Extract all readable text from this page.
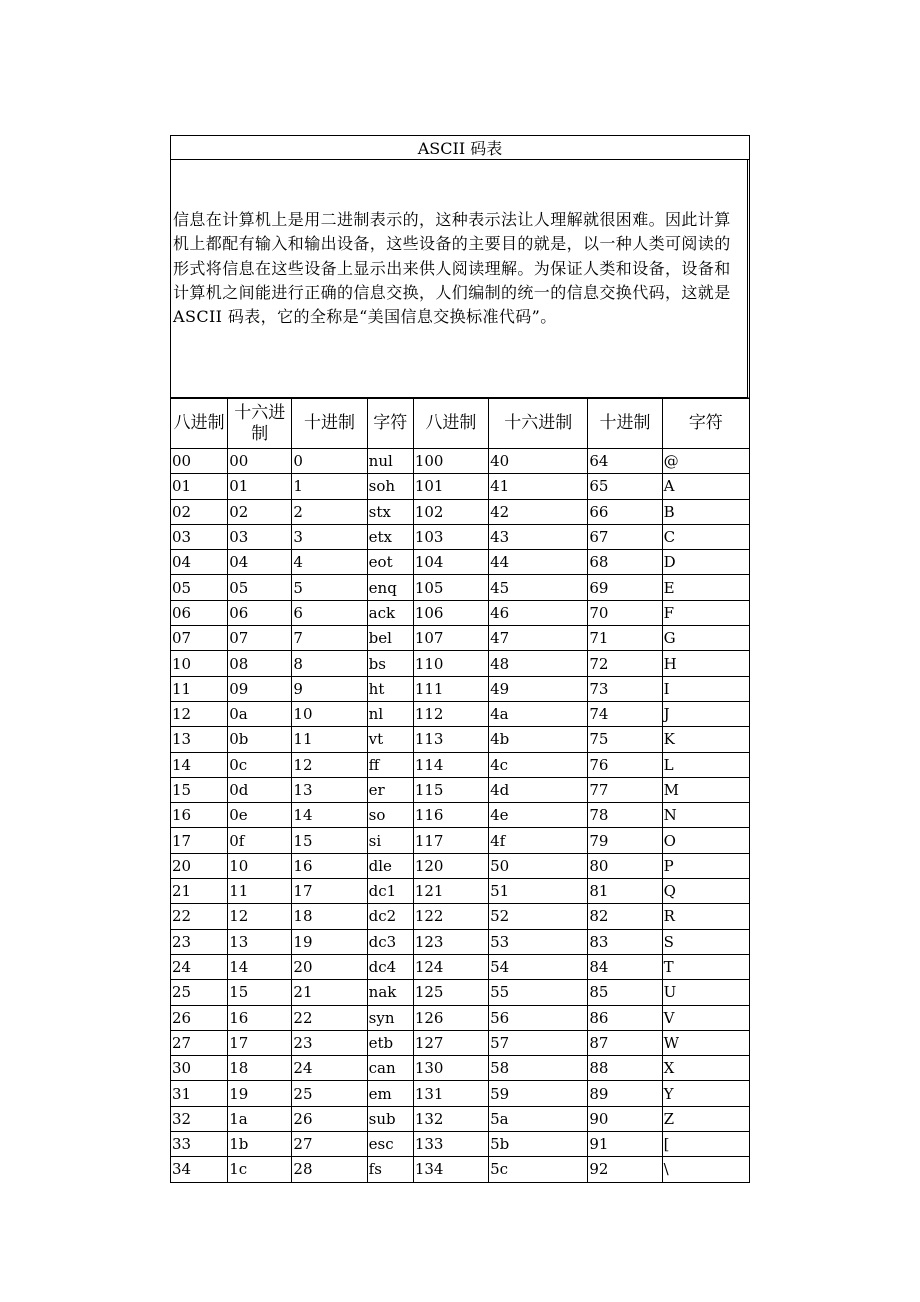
ASCII 码表
信息在计算机上是用二进制表示的，这种表示法让人理解就很困难。因此计算机上都配有输入和输出设备，这些设备的主要目的就是，以一种人类可阅读的形式将信息在这些设备上显示出来供人阅读理解。为保证人类和设备，设备和计算机之间能进行正确的信息交换，人们编制的统一的信息交换代码，这就是 ASCII 码表，它的全称是“美国信息交换标准代码”。
八进制	十六进制	十进制	字符	八进制	十六进制	十进制	字符
00	00	0	nul	100	40	64	@
01	01	1	soh	101	41	65	A
02	02	2	stx	102	42	66	B
03	03	3	etx	103	43	67	C
04	04	4	eot	104	44	68	D
05	05	5	enq	105	45	69	E
06	06	6	ack	106	46	70	F
07	07	7	bel	107	47	71	G
10	08	8	bs	110	48	72	H
11	09	9	ht	111	49	73	I
12	0a	10	nl	112	4a	74	J
13	0b	11	vt	113	4b	75	K
14	0c	12	ff	114	4c	76	L
15	0d	13	er	115	4d	77	M
16	0e	14	so	116	4e	78	N
17	0f	15	si	117	4f	79	O
20	10	16	dle	120	50	80	P
21	11	17	dc1	121	51	81	Q
22	12	18	dc2	122	52	82	R
23	13	19	dc3	123	53	83	S
24	14	20	dc4	124	54	84	T
25	15	21	nak	125	55	85	U
26	16	22	syn	126	56	86	V
27	17	23	etb	127	57	87	W
30	18	24	can	130	58	88	X
31	19	25	em	131	59	89	Y
32	1a	26	sub	132	5a	90	Z
33	1b	27	esc	133	5b	91	[
34	1c	28	fs	134	5c	92	\
